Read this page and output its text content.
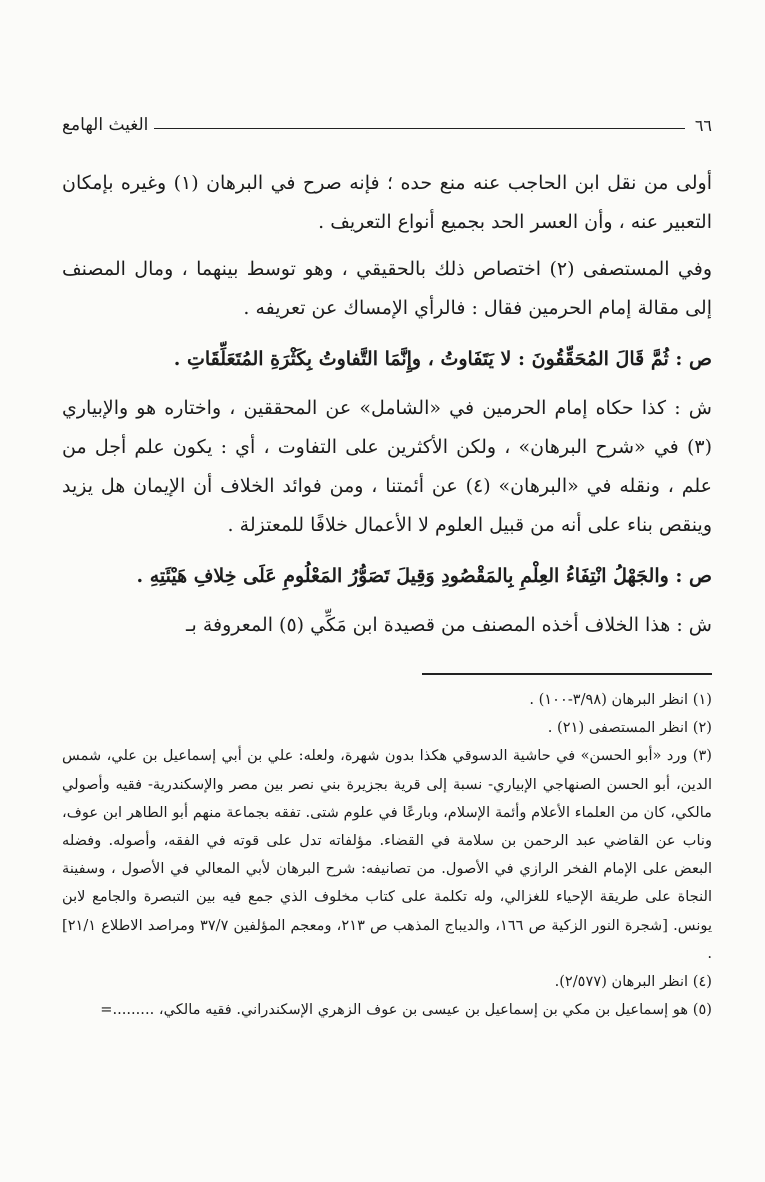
٦٦
الغيث الهامع

أولى من نقل ابن الحاجب عنه منع حده ؛ فإنه صرح في البرهان (١) وغيره بإمكان التعبير عنه ، وأن العسر الحد بجميع أنواع التعريف .

وفي المستصفى (٢) اختصاص ذلك بالحقيقي ، وهو توسط بينهما ، ومال المصنف إلى مقالة إمام الحرمين فقال : فالرأي الإمساك عن تعريفه .

ص : ثُمَّ قَالَ المُحَقِّقُونَ : لا يَتَفَاوتُ ، وإِنَّمَا التَّفاوتُ بِكَثْرَةِ المُتَعَلِّقَاتِ .

ش : كذا حكاه إمام الحرمين في «الشامل» عن المحققين ، واختاره هو والإبياري (٣) في «شرح البرهان» ، ولكن الأكثرين على التفاوت ، أي : يكون علم أجل من علم ، ونقله في «البرهان» (٤) عن أئمتنا ، ومن فوائد الخلاف أن الإيمان هل يزيد وينقص بناء على أنه من قبيل العلوم لا الأعمال خلافًا للمعتزلة .

ص : والجَهْلُ انْتِفَاءُ العِلْمِ بِالمَقْصُودِ وَقِيلَ تَصَوُّرُ المَعْلُومِ عَلَى خِلافِ هَيْئَتِهِ .

ش : هذا الخلاف أخذه المصنف من قصيدة ابن مَكِّي (٥) المعروفة بـ

(١) انظر البرهان (٣/٩٨-١٠٠) .

(٢) انظر المستصفى (٢١) .

(٣) ورد «أبو الحسن» في حاشية الدسوقي هكذا بدون شهرة، ولعله: علي بن أبي إسماعيل بن علي، شمس الدين، أبو الحسن الصنهاجي الإبياري- نسبة إلى قرية بجزيرة بني نصر بين مصر والإسكندرية- فقيه وأصولي مالكي، كان من العلماء الأعلام وأئمة الإسلام، وبارعًا في علوم شتى. تفقه بجماعة منهم أبو الطاهر ابن عوف، وناب عن القاضي عبد الرحمن بن سلامة في القضاء. مؤلفاته تدل على قوته في الفقه، وأصوله. وفضله البعض على الإمام الفخر الرازي في الأصول. من تصانيفه: شرح البرهان لأبي المعالي في الأصول ، وسفينة النجاة على طريقة الإحياء للغزالي، وله تكلمة على كتاب مخلوف الذي جمع فيه بين التبصرة والجامع لابن يونس. [شجرة النور الزكية ص ١٦٦، والديباج المذهب ص ٢١٣، ومعجم المؤلفين ٣٧/٧ ومراصد الاطلاع ٢١/١] .

(٤) انظر البرهان (٢/٥٧٧).

(٥) هو إسماعيل بن مكي بن إسماعيل بن عيسى بن عوف الزهري الإسكندراني. فقيه مالكي، .........=
